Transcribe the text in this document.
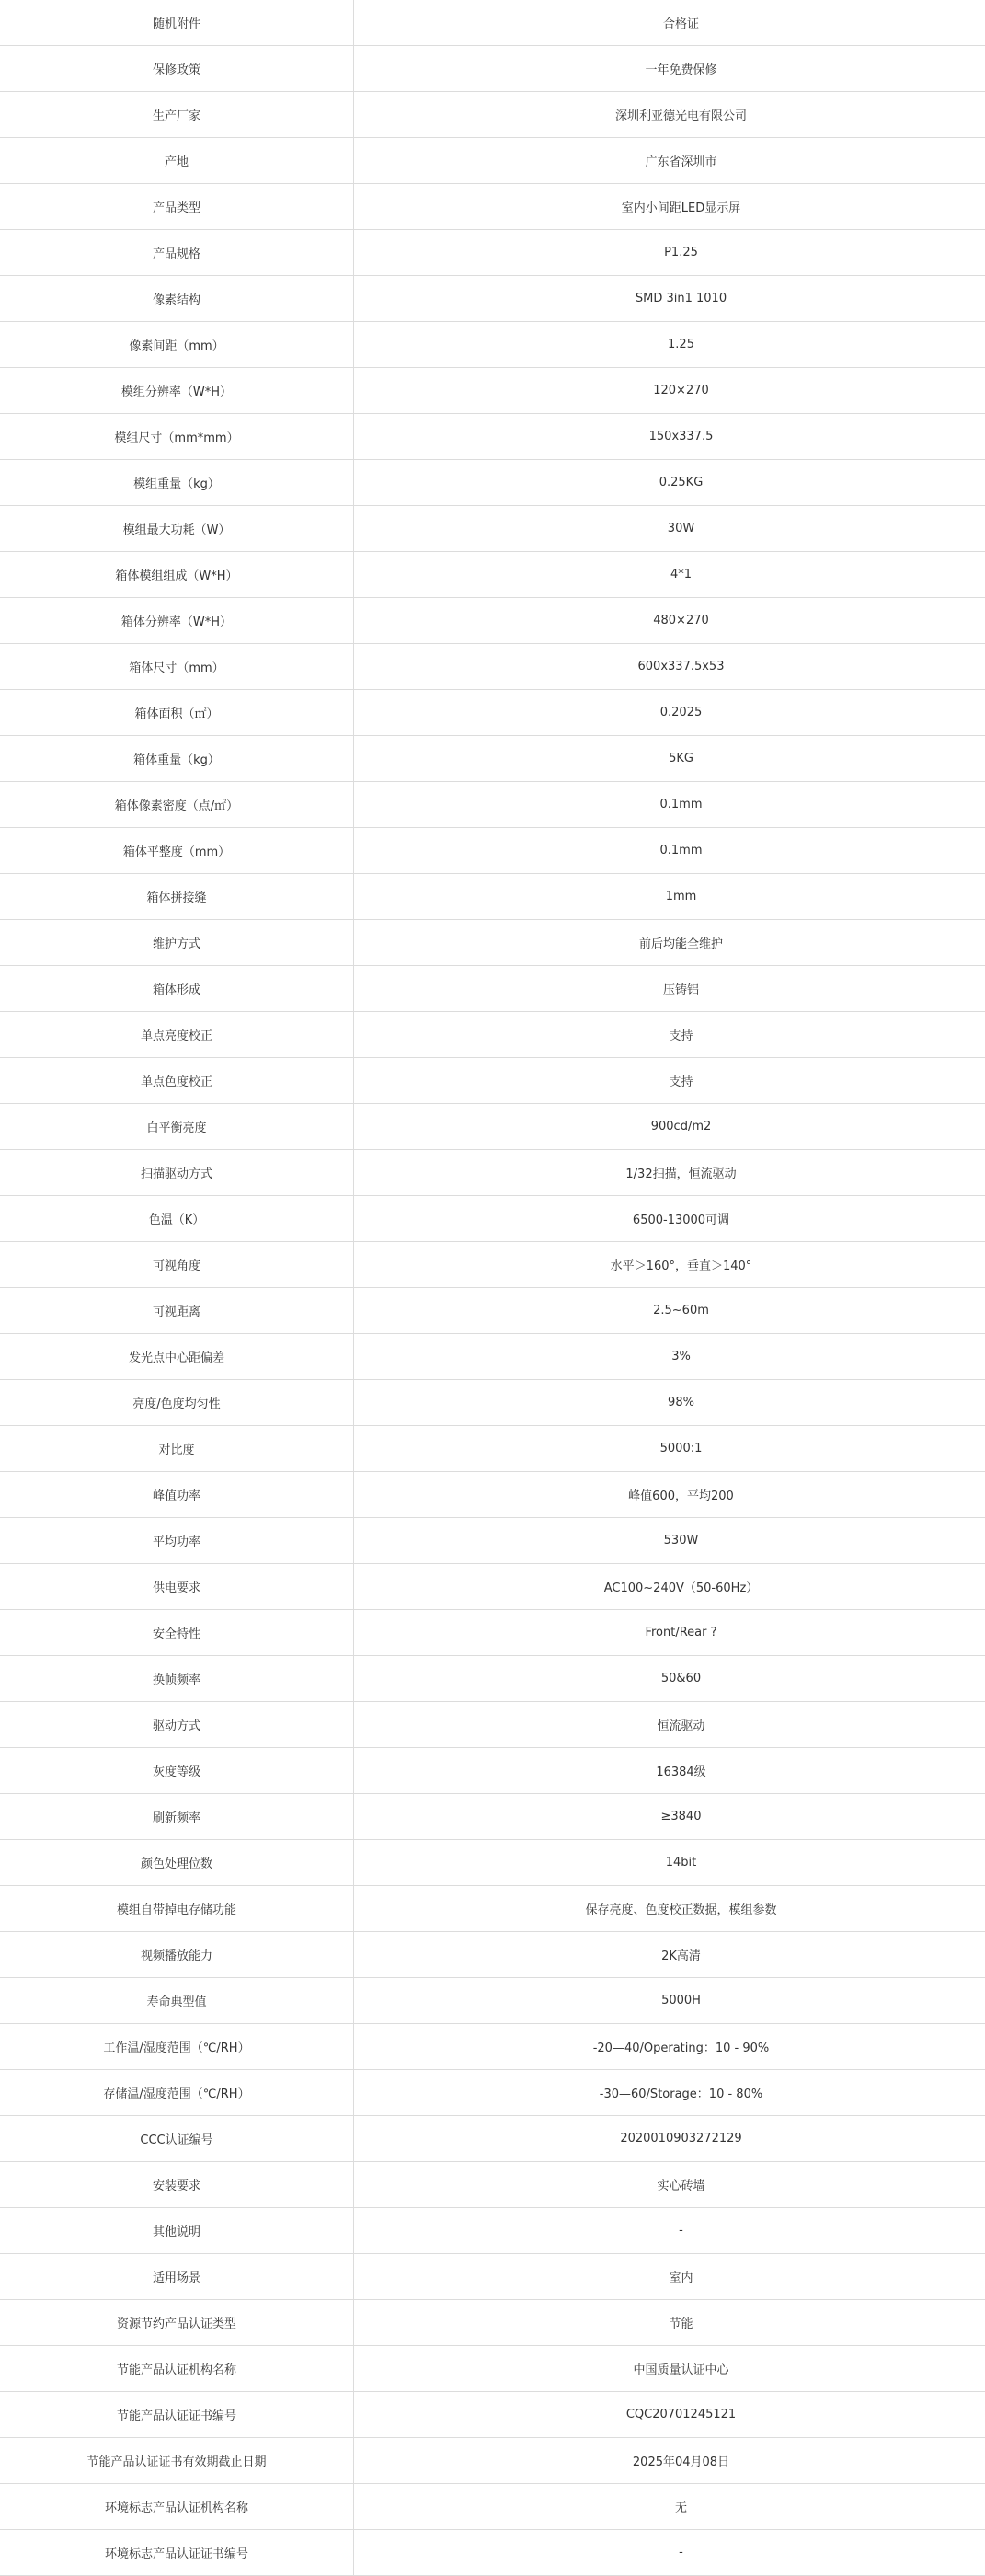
随机附件	合格证
保修政策	一年免费保修
生产厂家	深圳利亚德光电有限公司
产地	广东省深圳市
产品类型	室内小间距LED显示屏
产品规格	P1.25
像素结构	SMD 3in1 1010
像素间距（mm）	1.25
模组分辨率（W*H）	120×270
模组尺寸（mm*mm）	150x337.5
模组重量（kg）	0.25KG
模组最大功耗（W）	30W
箱体模组组成（W*H）	4*1
箱体分辨率（W*H）	480×270
箱体尺寸（mm）	600x337.5x53
箱体面积（㎡）	0.2025
箱体重量（kg）	5KG
箱体像素密度（点/㎡）	0.1mm
箱体平整度（mm）	0.1mm
箱体拼接缝	1mm
维护方式	前后均能全维护
箱体形成	压铸铝
单点亮度校正	支持
单点色度校正	支持
白平衡亮度	900cd/m2
扫描驱动方式	1/32扫描，恒流驱动
色温（K）	6500-13000可调
可视角度	水平＞160°，垂直＞140°
可视距离	2.5~60m
发光点中心距偏差	3%
亮度/色度均匀性	98%
对比度	5000:1
峰值功率	峰值600，平均200
平均功率	530W
供电要求	AC100~240V（50-60Hz）
安全特性	Front/Rear ?
换帧频率	50&60
驱动方式	恒流驱动
灰度等级	16384级
刷新频率	≥3840
颜色处理位数	14bit
模组自带掉电存储功能	保存亮度、色度校正数据，模组参数
视频播放能力	2K高清
寿命典型值	5000H
工作温/湿度范围（℃/RH）	-20—40/Operating：10 - 90%
存储温/湿度范围（℃/RH）	-30—60/Storage：10 - 80%
CCC认证编号	2020010903272129
安装要求	实心砖墙
其他说明	-
适用场景	室内
资源节约产品认证类型	节能
节能产品认证机构名称	中国质量认证中心
节能产品认证证书编号	CQC20701245121
节能产品认证证书有效期截止日期	2025年04月08日
环境标志产品认证机构名称	无
环境标志产品认证证书编号	-
